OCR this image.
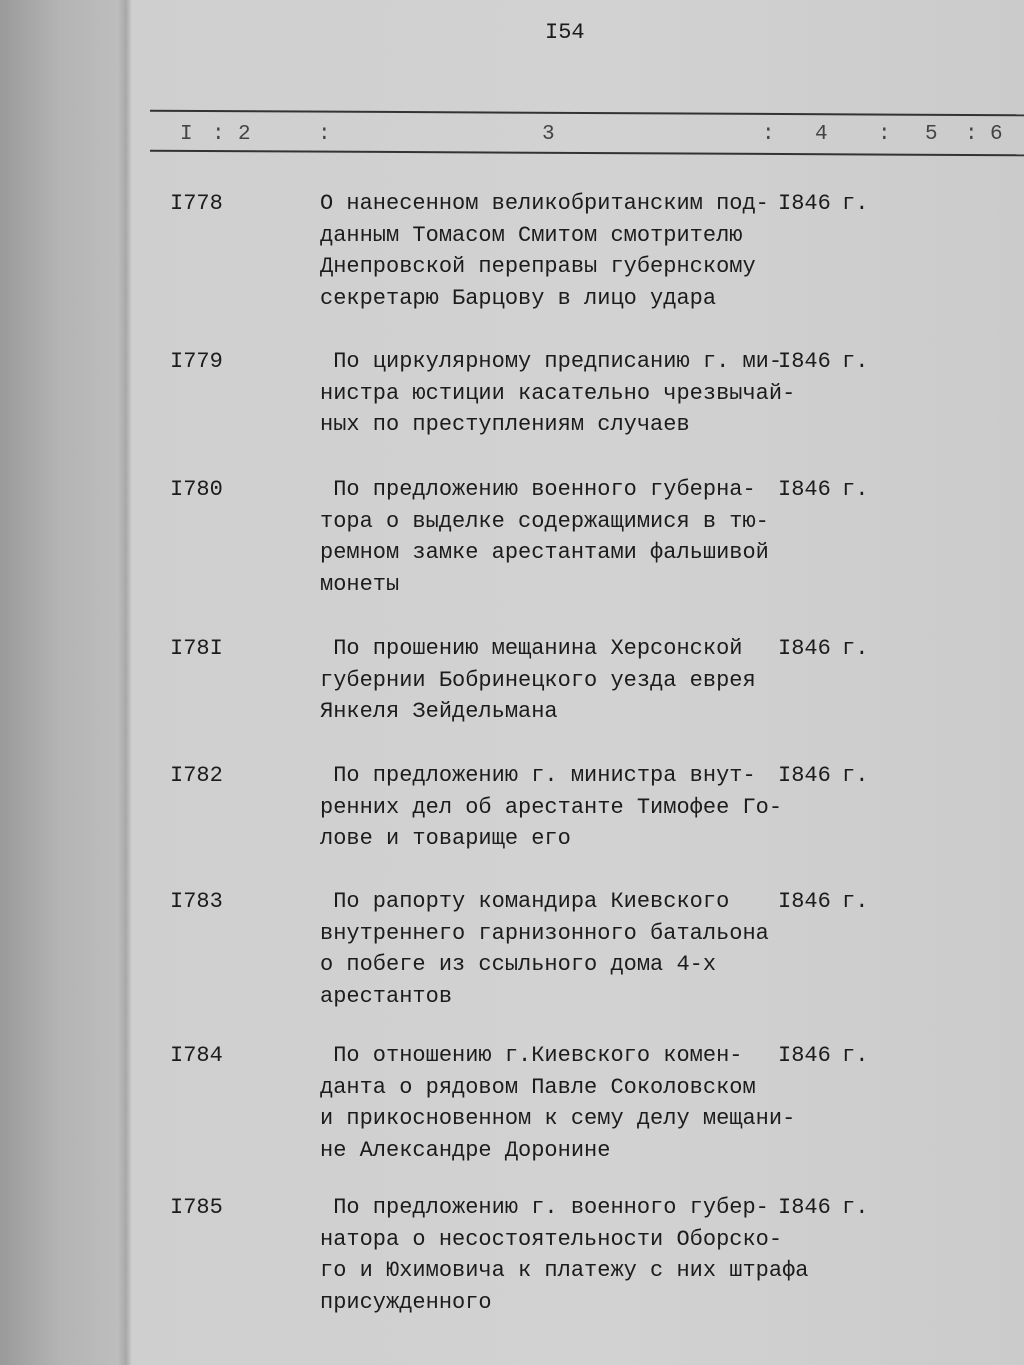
I54
I : 2	:	3	: 4 : 5 : 6
I778	О нанесенном великобританским под-
данным Томасом Смитом смотрителю
Днепровской переправы губернскому
секретарю Барцову в лицо удара
I846 г.
I779	По циркулярному предписанию г. ми-
нистра юстиции касательно чрезвычай-
ных по преступлениям случаев
I846 г.
I780	По предложению военного губерна-
тора о выделке содержащимися в тю-
ремном замке арестантами фальшивой
монеты
I846 г.
I78I	По прошению мещанина Херсонской
губернии Бобринецкого уезда еврея
Янкеля Зейдельмана
I846 г.
I782	По предложению г. министра внут-
ренних дел об арестанте Тимофее Го-
лове и товарище его
I846 г.
I783	По рапорту командира Киевского
внутреннего гарнизонного батальона
о побеге из ссыльного дома 4-х
арестантов
I846 г.
I784	По отношению г.Киевского комен-
данта о рядовом Павле Соколовском
и прикосновенном к сему делу мещани-
не Александре Доронине
I846 г.
I785	По предложению г. военного губер-
натора о несостоятельности Оборско-
го и Юхимовича к платежу с них штрафа
присужденного
I846 г.
